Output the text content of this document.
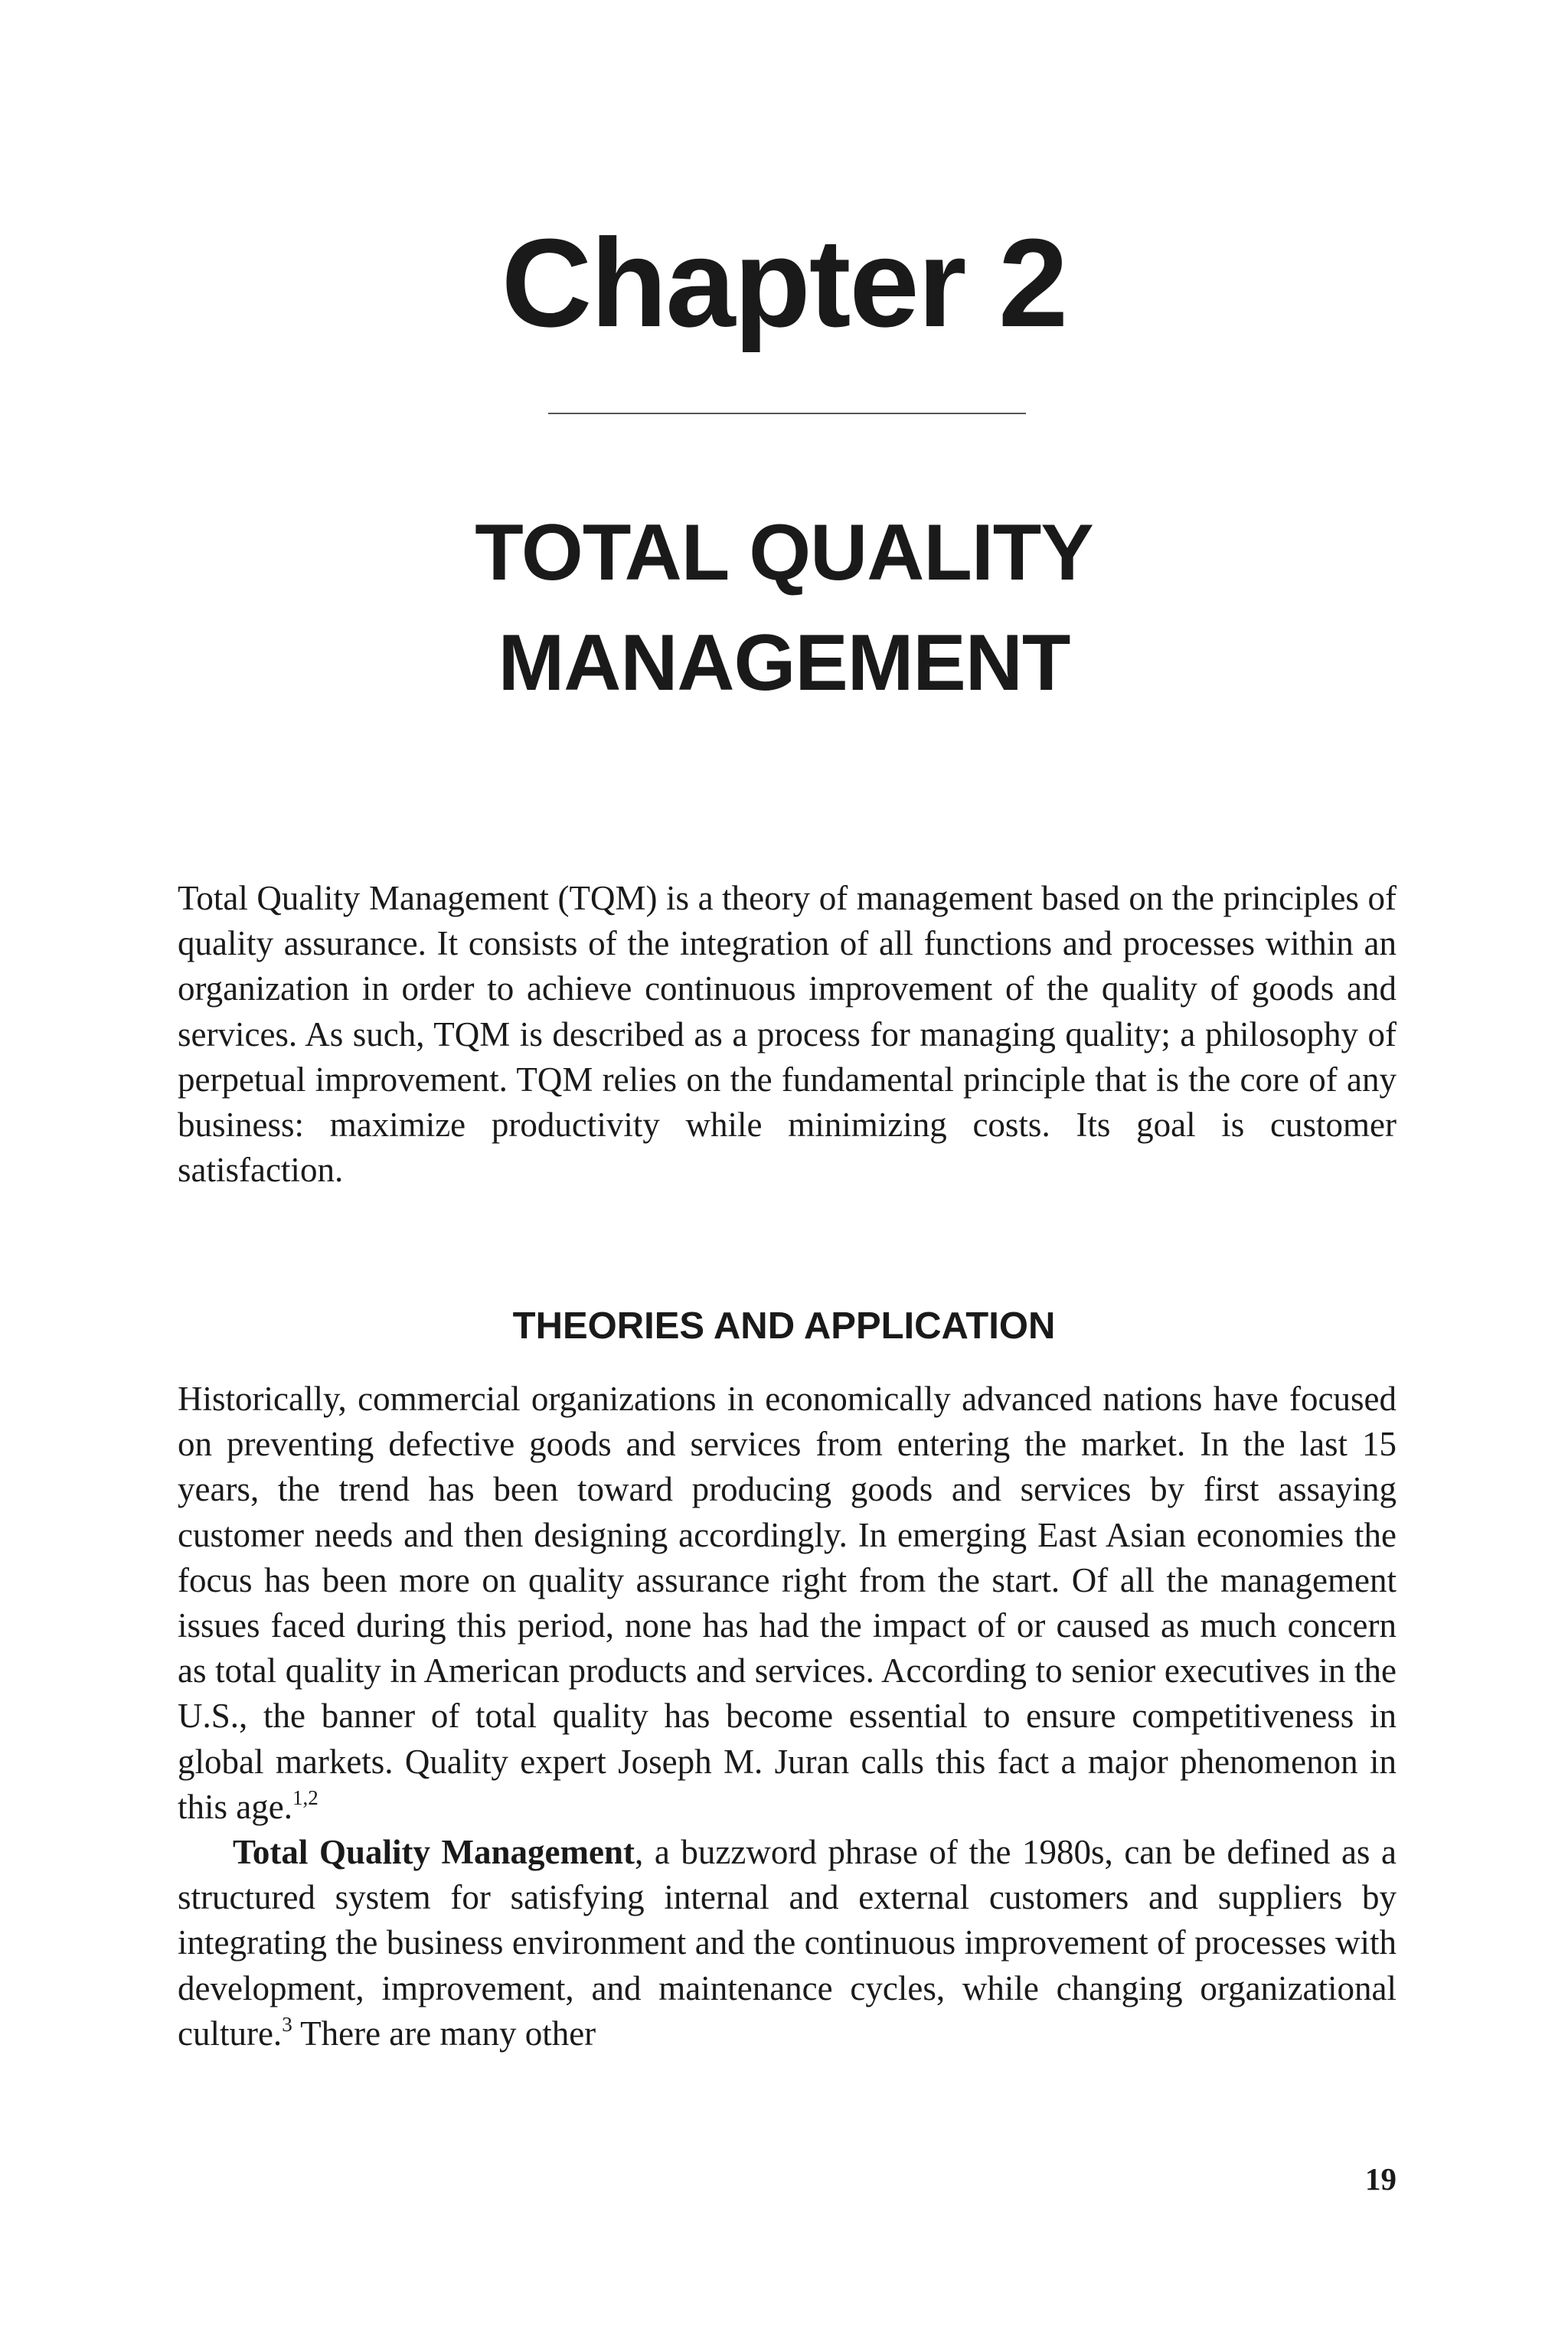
Chapter 2
TOTAL QUALITY
MANAGEMENT
Total Quality Management (TQM) is a theory of management based on the principles of quality assurance. It consists of the integration of all functions and processes within an organization in order to achieve continuous improvement of the quality of goods and services. As such, TQM is described as a process for managing quality; a philosophy of perpetual improvement. TQM relies on the fundamental principle that is the core of any business: maximize productivity while minimizing costs. Its goal is customer satisfaction.
THEORIES AND APPLICATION

Historically, commercial organizations in economically advanced nations have focused on preventing defective goods and services from entering the market. In the last 15 years, the trend has been toward producing goods and services by first assaying customer needs and then designing accordingly. In emerging East Asian economies the focus has been more on quality assurance right from the start. Of all the management issues faced during this period, none has had the impact of or caused as much concern as total quality in American products and services. According to senior executives in the U.S., the banner of total quality has become essential to ensure competitiveness in global markets. Quality expert Joseph M. Juran calls this fact a major phenomenon in this age.$^{1,2}$

Total Quality Management, a buzzword phrase of the 1980s, can be defined as a structured system for satisfying internal and external customers and suppliers by integrating the business environment and the continuous improvement of processes with development, improvement, and maintenance cycles, while changing organizational culture.$^3$ There are many other

19
